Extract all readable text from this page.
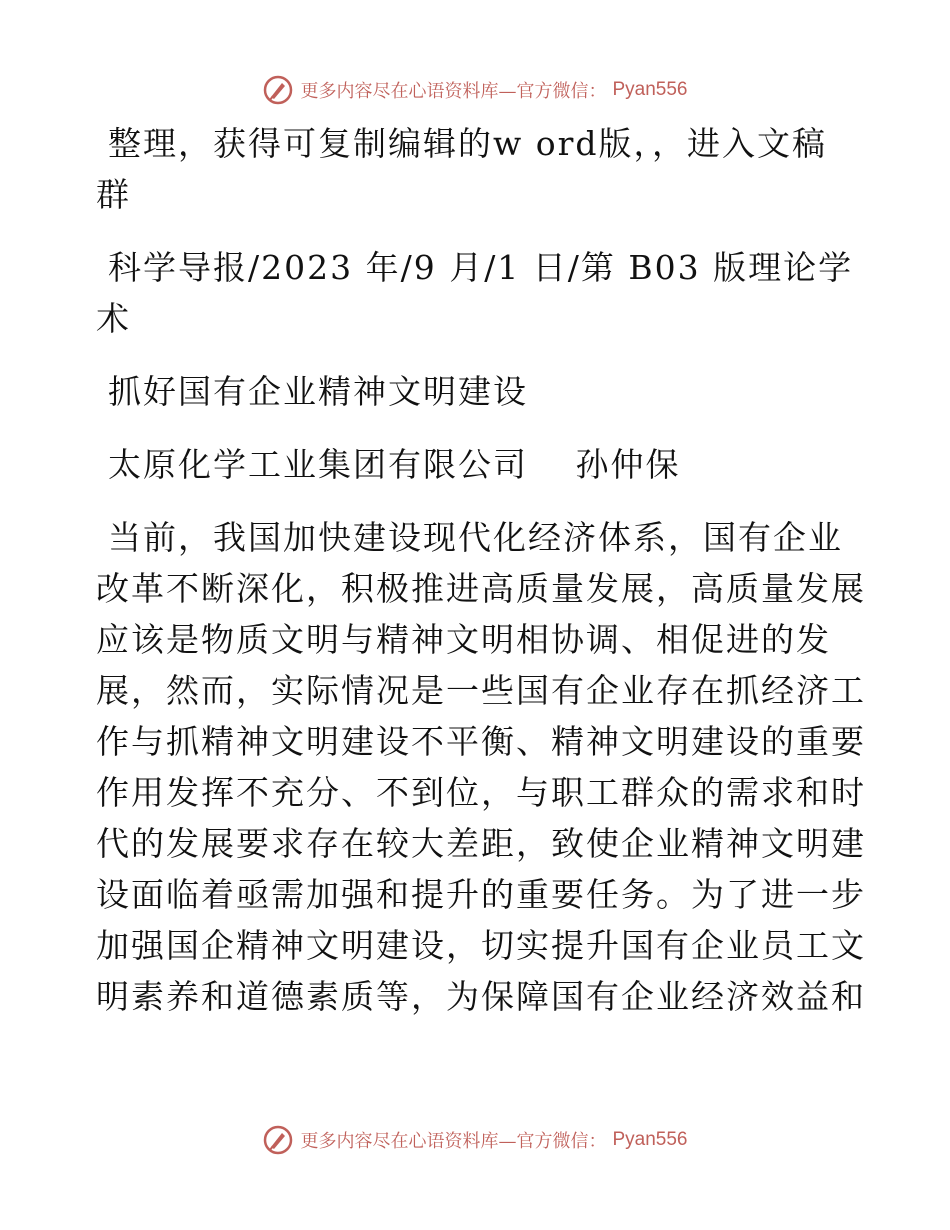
更多内容尽在心语资料库—官方微信： Pyan556

整理，获得可复制编辑的w ord版，，进入文稿

群

科学导报/2023 年/9 月/1 日/第 B03 版理论学

术

抓好国有企业精神文明建设

太原化学工业集团有限公司　 孙仲保

当前，我国加快建设现代化经济体系，国有企业

改革不断深化，积极推进高质量发展，高质量发展

应该是物质文明与精神文明相协调、相促进的发

展，然而，实际情况是一些国有企业存在抓经济工

作与抓精神文明建设不平衡、精神文明建设的重要

作用发挥不充分、不到位，与职工群众的需求和时

代的发展要求存在较大差距，致使企业精神文明建

设面临着亟需加强和提升的重要任务。为了进一步

加强国企精神文明建设，切实提升国有企业员工文

明素养和道德素质等，为保障国有企业经济效益和

更多内容尽在心语资料库—官方微信： Pyan556
